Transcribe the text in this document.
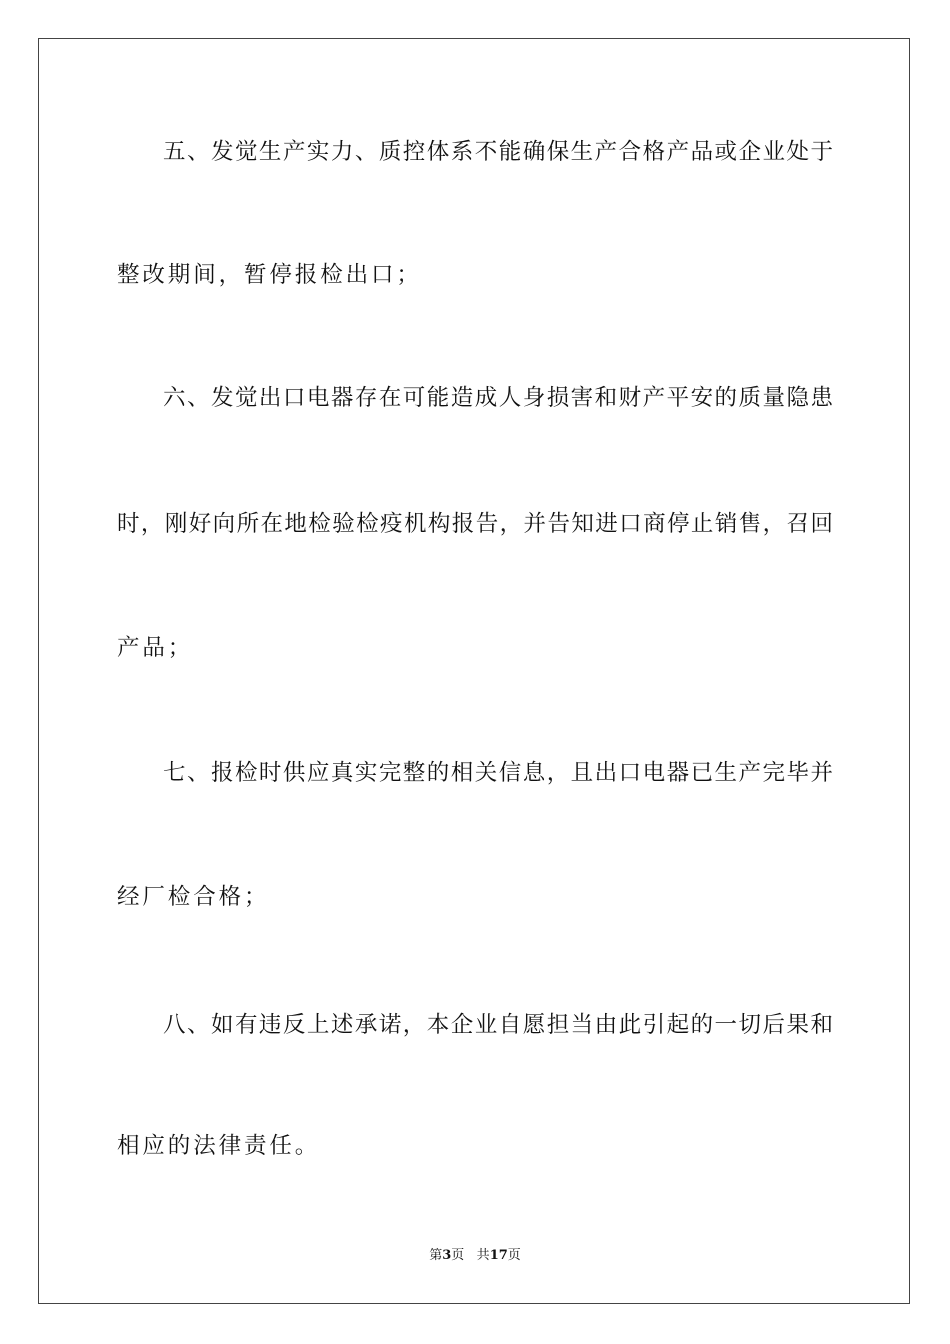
五、发觉生产实力、质控体系不能确保生产合格产品或企业处于
整改期间，暂停报检出口；
六、发觉出口电器存在可能造成人身损害和财产平安的质量隐患
时，刚好向所在地检验检疫机构报告，并告知进口商停止销售，召回
产品；
七、报检时供应真实完整的相关信息，且出口电器已生产完毕并
经厂检合格；
八、如有违反上述承诺，本企业自愿担当由此引起的一切后果和
相应的法律责任。
第3页 共17页
